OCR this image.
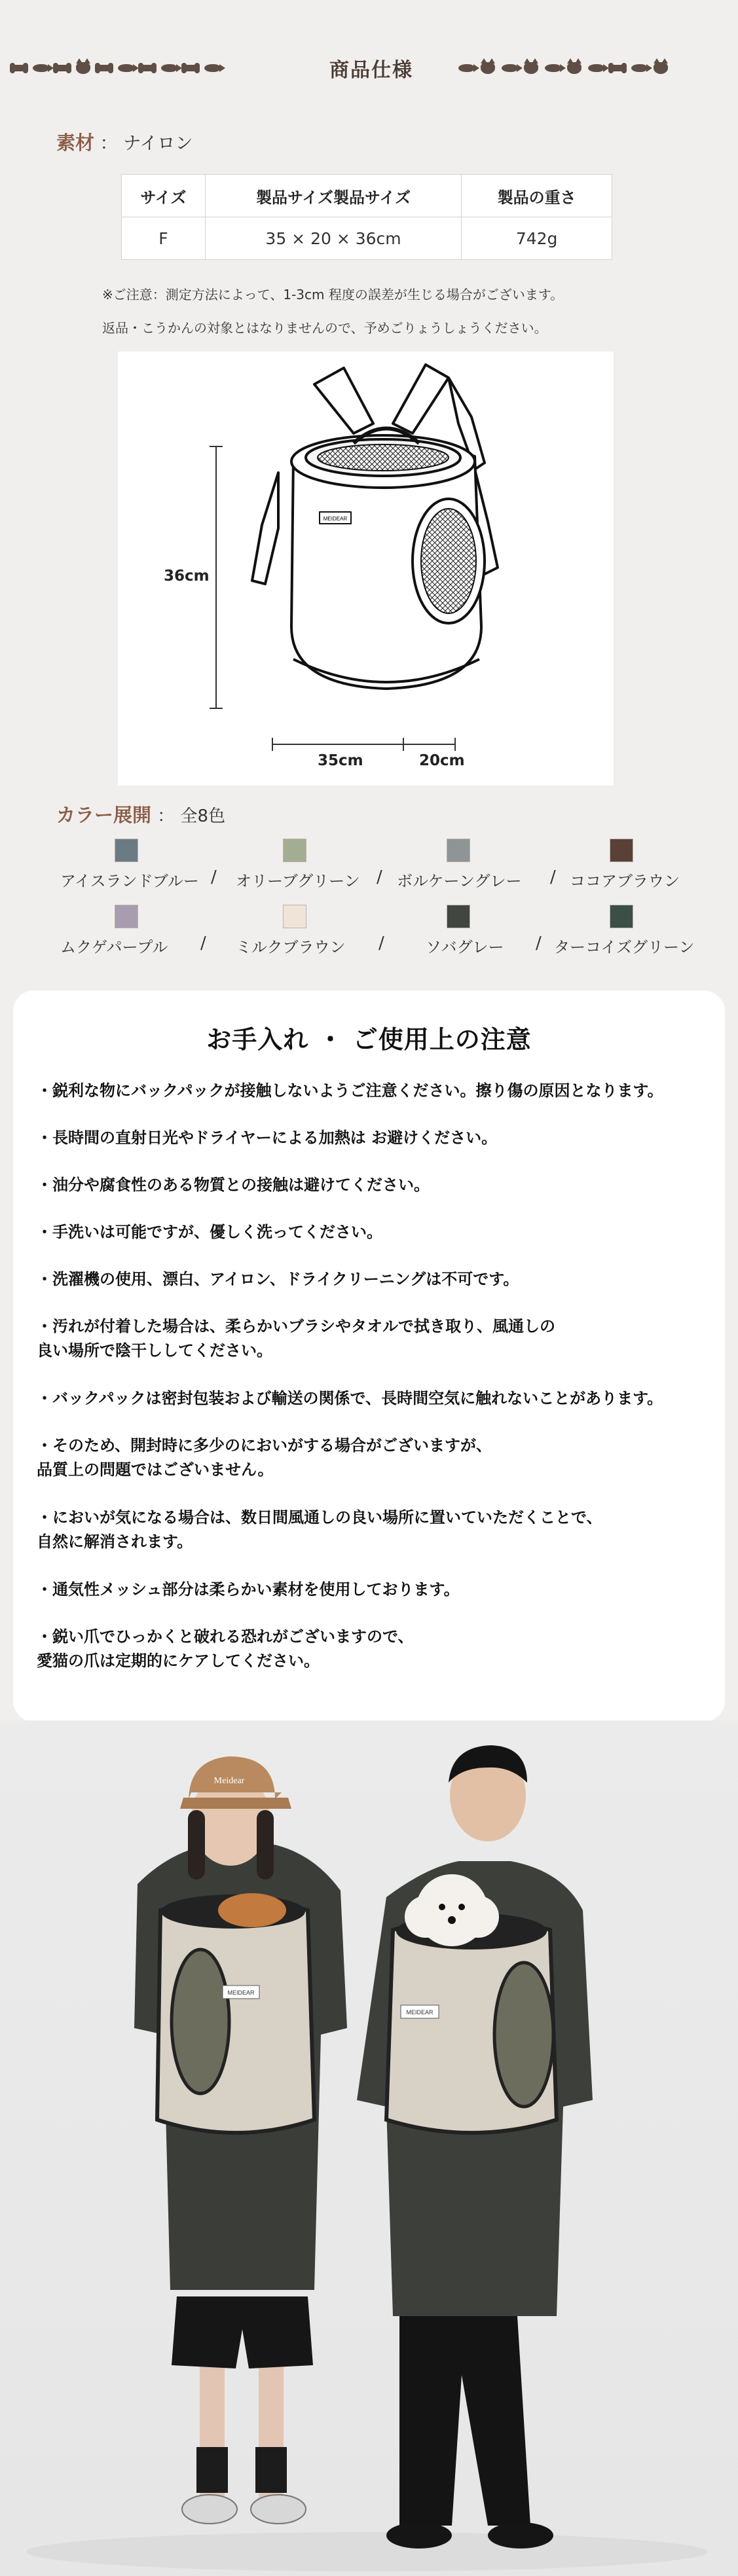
商品仕様
素材 ： ナイロン
サイズ	製品サイズ製品サイズ	製品の重さ
F	35 × 20 × 36cm	742g
※ご注意：測定方法によって、1-3cm 程度の誤差が生じる場合がございます。
返品・こうかんの対象とはなりませんので、予めごりょうしょうください。
MEIDEAR
36cm
35cm	20cm
カラー展開 ： 全8色
アイスランドブルー / オリーブグリーン / ボルケーングレー / ココアブラウン
ムクゲパープル / ミルクブラウン /	ソバグレー / ターコイズグリーン
お手入れ ・ ご使用上の注意
・鋭利な物にバックパックが接触しないようご注意ください。擦り傷の原因となります。
・長時間の直射日光やドライヤーによる加熱は お避けください。
・油分や腐食性のある物質との接触は避けてください。
・手洗いは可能ですが、優しく洗ってください。
・洗濯機の使用、漂白、アイロン、ドライクリーニングは不可です。
・汚れが付着した場合は、柔らかいブラシやタオルで拭き取り、風通しの
良い場所で陰干ししてください。
・バックパックは密封包装および輸送の関係で、長時間空気に触れないことがあります。
・そのため、開封時に多少のにおいがする場合がございますが、
品質上の問題ではございません。
・においが気になる場合は、数日間風通しの良い場所に置いていただくことで、
自然に解消されます。
・通気性メッシュ部分は柔らかい素材を使用しております。
・鋭い爪でひっかくと破れる恐れがございますので、
愛猫の爪は定期的にケアしてください。
Meidear
MEIDEAR
MEIDEAR
